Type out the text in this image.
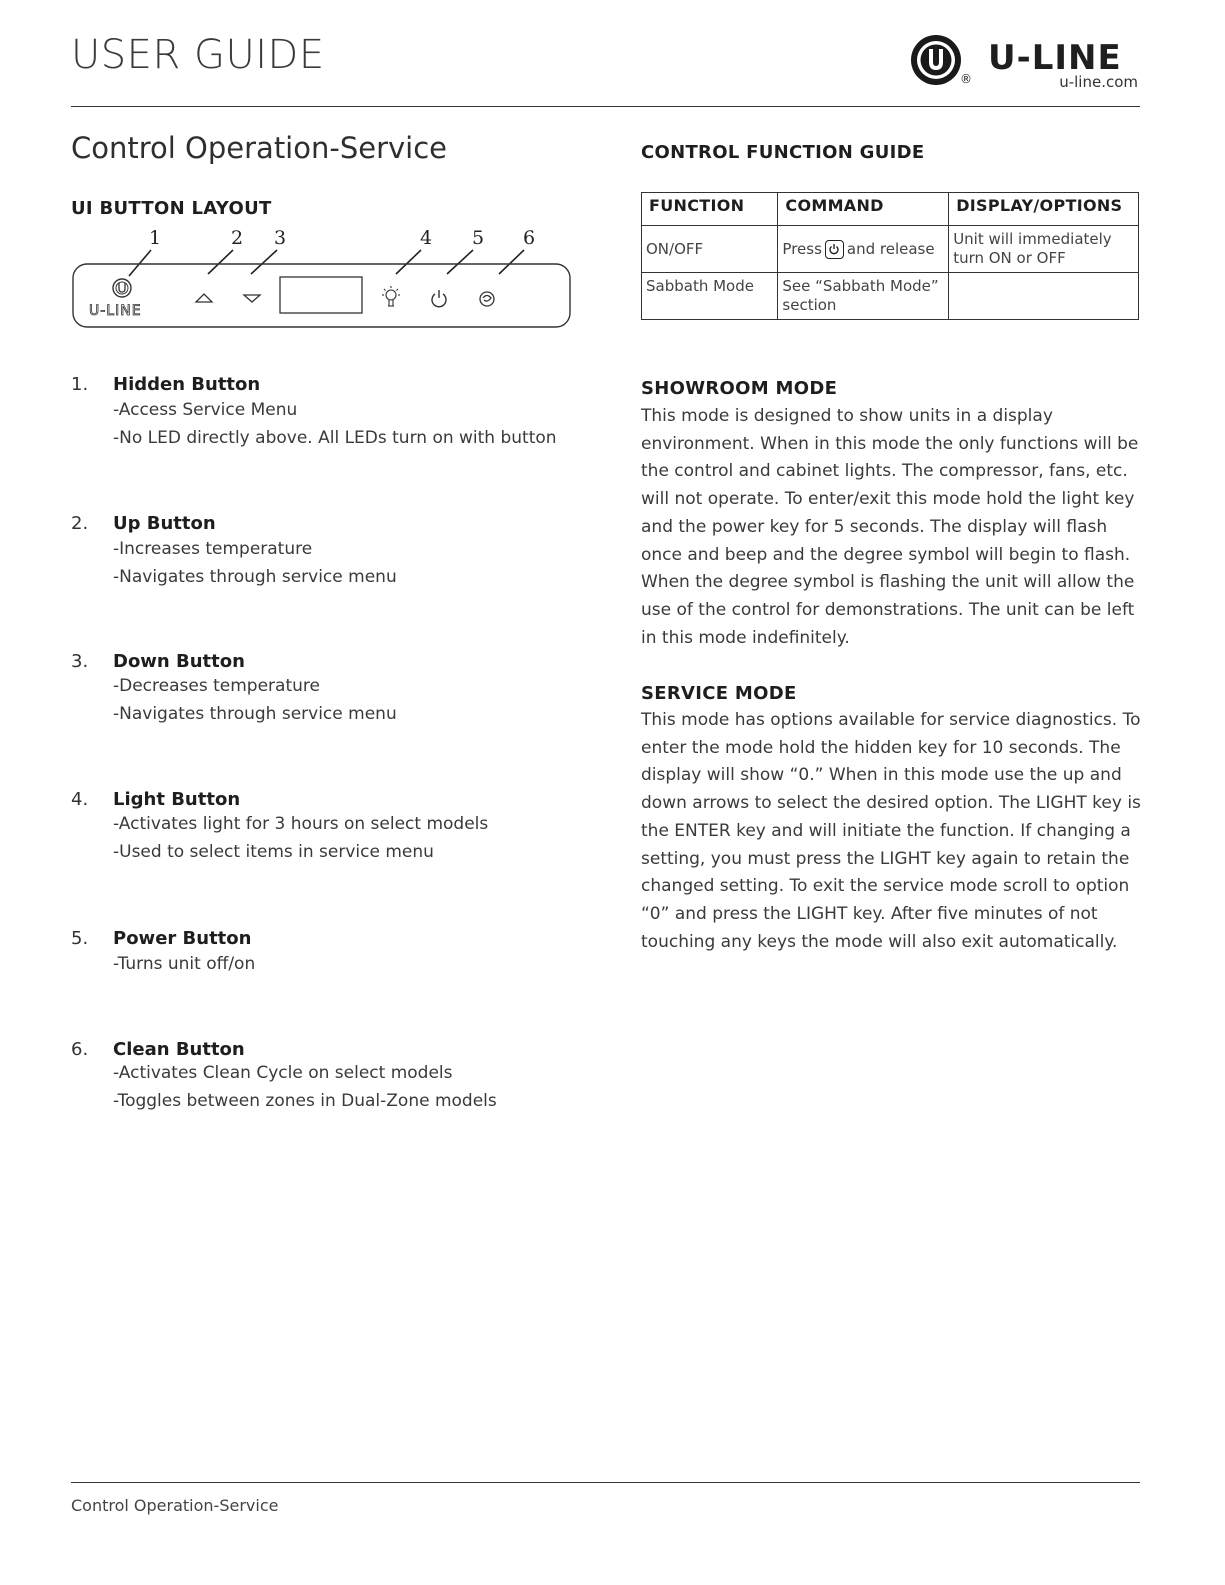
USER GUIDE
®
U-LINE
u-line.com
Control Operation-Service
UI BUTTON LAYOUT
1	2 3	4 5 6
U-LINE
1. Hidden Button
-Access Service Menu
-No LED directly above. All LEDs turn on with button
2. Up Button
-Increases temperature
-Navigates through service menu
3. Down Button
-Decreases temperature
-Navigates through service menu
4. Light Button
-Activates light for 3 hours on select models
-Used to select items in service menu
5. Power Button
-Turns unit off/on
6. Clean Button
-Activates Clean Cycle on select models
-Toggles between zones in Dual-Zone models
CONTROL FUNCTION GUIDE
FUNCTION	COMMAND	DISPLAY/OPTIONS
ON/OFF	Press and release	Unit will immediately turn ON or OFF
Sabbath Mode	See “Sabbath Mode” section	
SHOWROOM MODE
This mode is designed to show units in a display environment. When in this mode the only functions will be the control and cabinet lights. The compressor, fans, etc. will not operate. To enter/exit this mode hold the light key and the power key for 5 seconds. The display will flash once and beep and the degree symbol will begin to flash. When the degree symbol is flashing the unit will allow the use of the control for demonstrations. The unit can be left in this mode indefinitely.
SERVICE MODE
This mode has options available for service diagnostics. To enter the mode hold the hidden key for 10 seconds. The display will show “0.” When in this mode use the up and down arrows to select the desired option. The LIGHT key is the ENTER key and will initiate the function. If changing a setting, you must press the LIGHT key again to retain the changed setting. To exit the service mode scroll to option “0” and press the LIGHT key. After five minutes of not touching any keys the mode will also exit automatically.
Control Operation-Service
